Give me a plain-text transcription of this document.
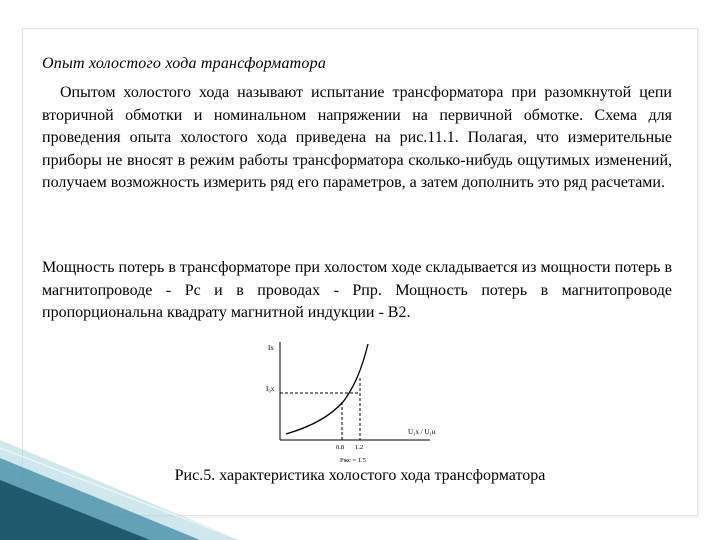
Опыт холостого хода трансформатора
Опытом холостого хода называют испытание трансформатора при разомкнутой цепи вторичной обмотки и номинальном напряжении на первичной обмотке. Схема для проведения опыта холостого хода приведена на рис.11.1. Полагая, что измерительные приборы не вносят в режим работы трансформатора сколько-нибудь ощутимых изменений, получаем возможность измерить ряд его параметров, а затем дополнить это ряд расчетами.
Мощность потерь в трансформаторе при холостом ходе складывается из мощности потерь в магнитопроводе - Рс и в проводах - Рпр. Мощность потерь в магнитопроводе пропорциональна квадрату магнитной индукции - В2.
Ix
I₀x
U₁x / U₁н
0.8 1.2
Ржс = 1.5
Рис.5. характеристика холостого хода трансформатора
